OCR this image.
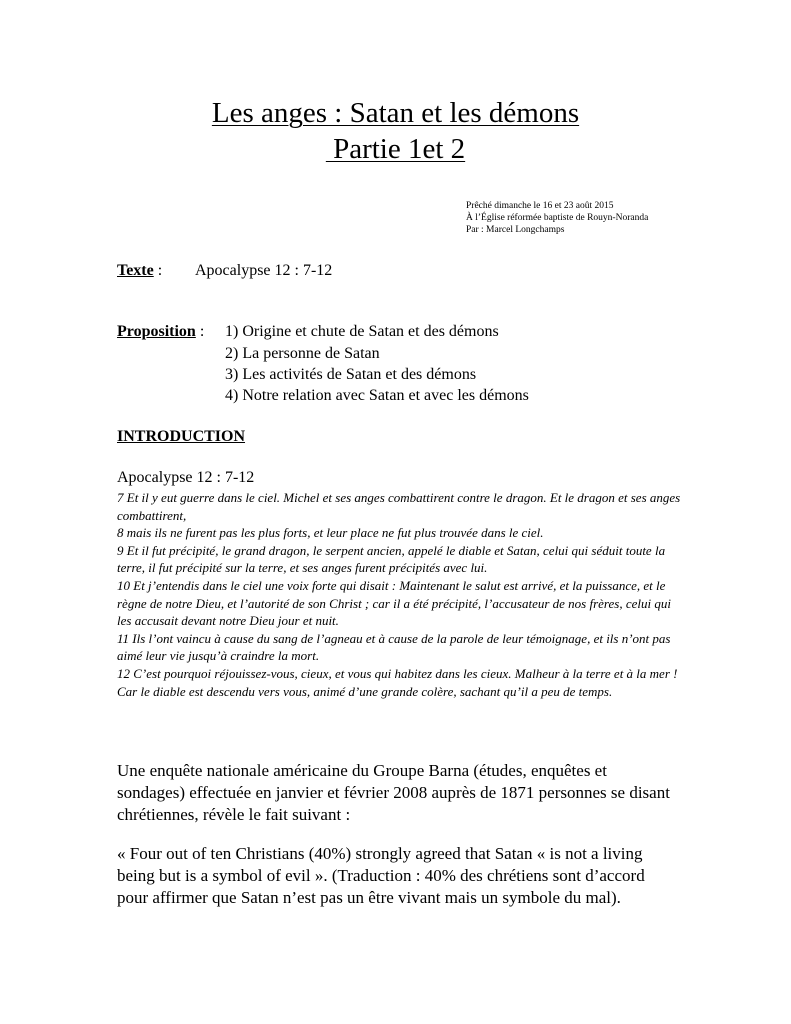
Les anges : Satan et les démons
Partie 1et 2
Prêché dimanche le 16 et 23 août 2015
À l’Église réformée baptiste de Rouyn-Noranda
Par : Marcel Longchamps
Texte : Apocalypse 12 : 7-12
Proposition : 1) Origine et chute de Satan et des démons
2) La personne de Satan
3) Les activités de Satan et des démons
4) Notre relation avec Satan et avec les démons
INTRODUCTION
Apocalypse 12 : 7-12

7 Et il y eut guerre dans le ciel. Michel et ses anges combattirent contre le dragon. Et le dragon et ses anges combattirent,

8 mais ils ne furent pas les plus forts, et leur place ne fut plus trouvée dans le ciel.

9 Et il fut précipité, le grand dragon, le serpent ancien, appelé le diable et Satan, celui qui séduit toute la terre, il fut précipité sur la terre, et ses anges furent précipités avec lui.

10 Et j’entendis dans le ciel une voix forte qui disait : Maintenant le salut est arrivé, et la puissance, et le règne de notre Dieu, et l’autorité de son Christ ; car il a été précipité, l’accusateur de nos frères, celui qui les accusait devant notre Dieu jour et nuit.

11 Ils l’ont vaincu à cause du sang de l’agneau et à cause de la parole de leur témoignage, et ils n’ont pas aimé leur vie jusqu’à craindre la mort.

12 C’est pourquoi réjouissez-vous, cieux, et vous qui habitez dans les cieux. Malheur à la terre et à la mer ! Car le diable est descendu vers vous, animé d’une grande colère, sachant qu’il a peu de temps.

Une enquête nationale américaine du Groupe Barna (études, enquêtes et sondages) effectuée en janvier et février 2008 auprès de 1871 personnes se disant chrétiennes, révèle le fait suivant :

« Four out of ten Christians (40%) strongly agreed that Satan « is not a living being but is a symbol of evil ». (Traduction : 40% des chrétiens sont d’accord pour affirmer que Satan n’est pas un être vivant mais un symbole du mal).
